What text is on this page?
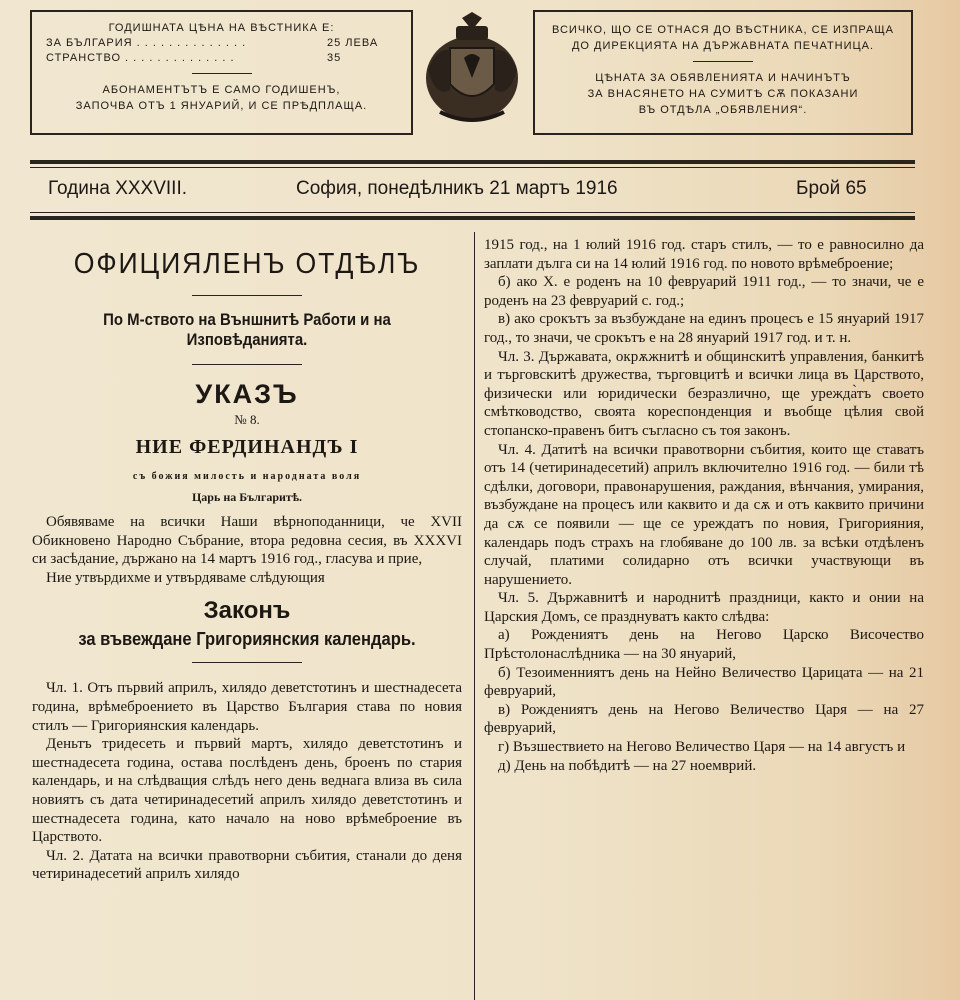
ГОДИШНАТА ЦѢНА НА ВѢСТНИКА Е:
ЗА БЪЛГАРИЯ . . . . . . . . . . . . . .	25 ЛЕВА
СТРАНСТВО . . . . . . . . . . . . . .	35
АБОНАМЕНТЪТЪ Е САМО ГОДИШЕНЪ,
ЗАПОЧВА ОТЪ 1 ЯНУАРИЙ, И СЕ ПРѢДПЛАЩА.
ВСИЧКО, ЩО СЕ ОТНАСЯ ДО ВѢСТНИКА, СЕ ИЗПРАЩА
ДО ДИРЕКЦИЯТА НА ДЪРЖАВНАТА ПЕЧАТНИЦА.
ЦѢНАТА ЗА ОБЯВЛЕНИЯТА И НАЧИНЪТЪ
ЗА ВНАСЯНЕТО НА СУМИТѢ СѪ ПОКАЗАНИ
ВЪ ОТДѢЛА „ОБЯВЛЕНИЯ“.
Година XXXVIII.	София, понедѣлникъ 21 мартъ 1916	Брой 65
ОФИЦИЯЛЕНЪ ОТДѢЛЪ
По М-ството на Външнитѣ Работи и на Изповѣданията.
УКАЗЪ
№ 8.
НИЕ ФЕРДИНАНДЪ I
съ божия милость и народната воля
Царь на Българитѣ.

Обявяваме на всички Наши вѣрноподанници, че XVII Обикновено Народно Събрание, втора редовна сесия, въ XXXVI си засѣдание, държано на 14 мартъ 1916 год., гласува и прие,

Ние утвърдихме и утвърдяваме слѣдующия

Законъ
за въвеждане Григориянския календарь.

Чл. 1. Отъ първий априлъ, хилядо деветстотинъ и шестнадесета година, врѣмеброението въ Царство България става по новия стилъ — Григориянския календарь.

Деньтъ тридесеть и първий мартъ, хилядо деветстотинъ и шестнадесета година, остава послѣденъ день, броенъ по стария календарь, и на слѣдващия слѣдъ него день веднага влиза въ сила новиятъ съ дата четиринадесетий априлъ хилядо деветстотинъ и шестнадесета година, като начало на ново врѣмеброение въ Царството.

Чл. 2. Датата на всички правотворни събития, станали до деня четиринадесетий априлъ хилядо

1915 год., на 1 юлий 1916 год. старъ стилъ, — то е равносилно да заплати дълга си на 14 юлий 1916 год. по новото врѣмеброение;

б) ако Х. е роденъ на 10 февруарий 1911 год., — то значи, че е роденъ на 23 февруарий с. год.;

в) ако срокътъ за възбуждане на единъ процесъ е 15 януарий 1917 год., то значи, че срокътъ е на 28 януарий 1917 год. и т. н.

Чл. 3. Държавата, окрѫжнитѣ и общинскитѣ управления, банкитѣ и търговскитѣ дружества, търговцитѣ и всички лица въ Царството, физически или юридически безразлично, ще урежда̀тъ своето смѣтководство, своята кореспонденция и въобще цѣлия свой стопанско-правенъ битъ съгласно съ тоя законъ.

Чл. 4. Датитѣ на всички правотворни събития, които ще ставатъ отъ 14 (четиринадесетий) априлъ включително 1916 год. — били тѣ сдѣлки, договори, правонарушения, раждания, вѣнчания, умирания, възбуждане на процесъ или каквито и да сѫ и отъ каквито причини да сѫ се появили — ще се уреждатъ по новия, Григорияния, календарь подъ страхъ на глобяване до 100 лв. за всѣки отдѣленъ случай, платими солидарно отъ всички участвующи въ нарушението.

Чл. 5. Държавнитѣ и народнитѣ праздници, както и онии на Царския Домъ, се празднуватъ както слѣдва:

а) Рождениятъ день на Негово Царско Височество Прѣстолонаслѣдника — на 30 януарий,

б) Тезоименниятъ день на Нейно Величество Царицата — на 21 февруарий,

в) Рождениятъ день на Негово Величество Царя — на 27 февруарий,

г) Възшествието на Негово Величество Царя — на 14 августъ и

д) День на побѣдитѣ — на 27 ноемврий.
